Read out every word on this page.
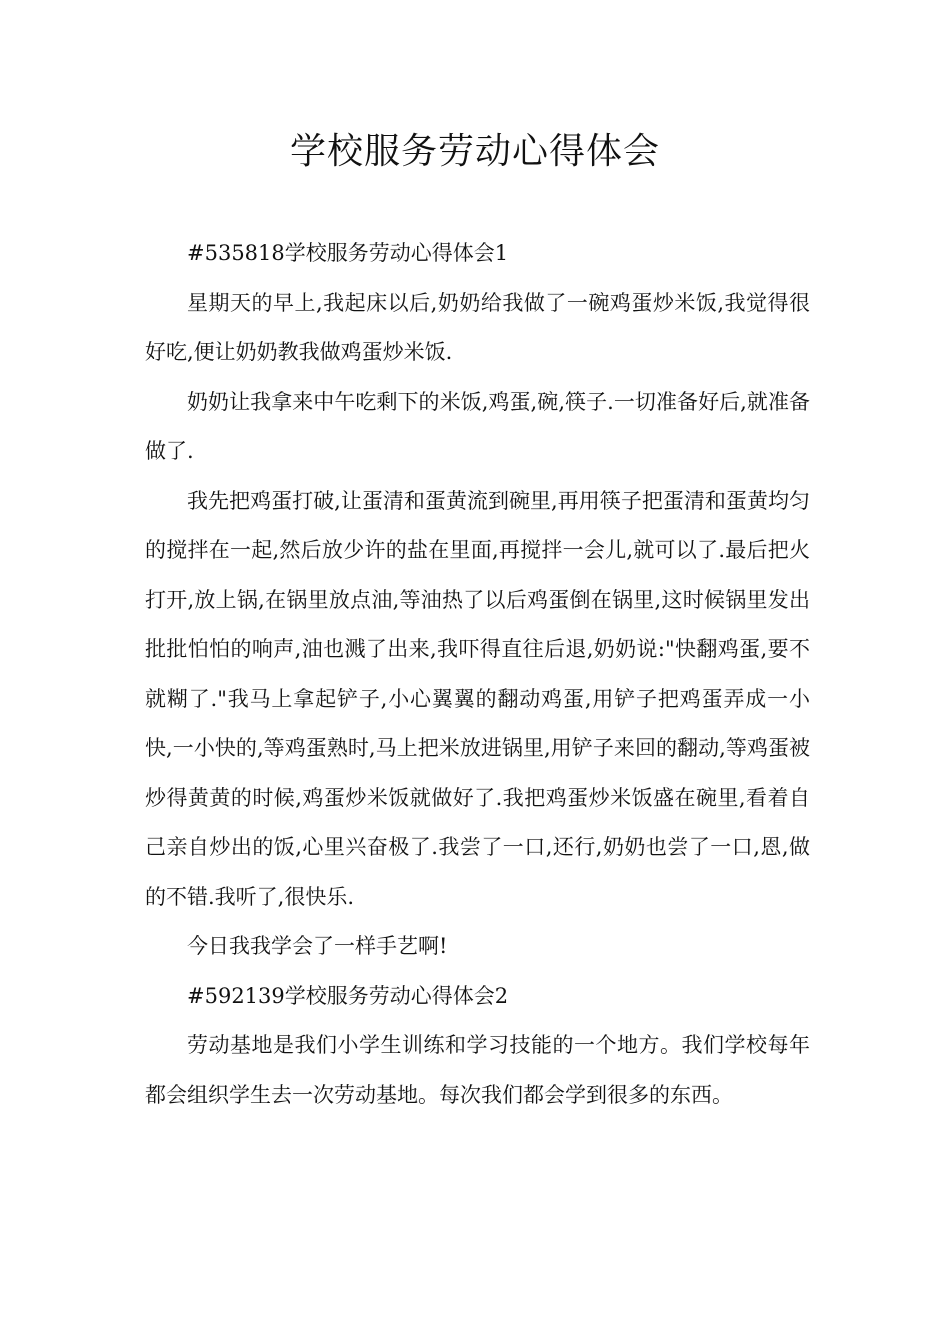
学校服务劳动心得体会

#535818学校服务劳动心得体会1

星期天的早上,我起床以后,奶奶给我做了一碗鸡蛋炒米饭,我觉得很好吃,便让奶奶教我做鸡蛋炒米饭.

奶奶让我拿来中午吃剩下的米饭,鸡蛋,碗,筷子.一切准备好后,就准备做了.

我先把鸡蛋打破,让蛋清和蛋黄流到碗里,再用筷子把蛋清和蛋黄均匀的搅拌在一起,然后放少许的盐在里面,再搅拌一会儿,就可以了.最后把火打开,放上锅,在锅里放点油,等油热了以后鸡蛋倒在锅里,这时候锅里发出批批怕怕的响声,油也溅了出来,我吓得直往后退,奶奶说:"快翻鸡蛋,要不就糊了."我马上拿起铲子,小心翼翼的翻动鸡蛋,用铲子把鸡蛋弄成一小快,一小快的,等鸡蛋熟时,马上把米放进锅里,用铲子来回的翻动,等鸡蛋被炒得黄黄的时候,鸡蛋炒米饭就做好了.我把鸡蛋炒米饭盛在碗里,看着自己亲自炒出的饭,心里兴奋极了.我尝了一口,还行,奶奶也尝了一口,恩,做的不错.我听了,很快乐.

今日我我学会了一样手艺啊!

#592139学校服务劳动心得体会2

劳动基地是我们小学生训练和学习技能的一个地方。我们学校每年都会组织学生去一次劳动基地。每次我们都会学到很多的东西。
